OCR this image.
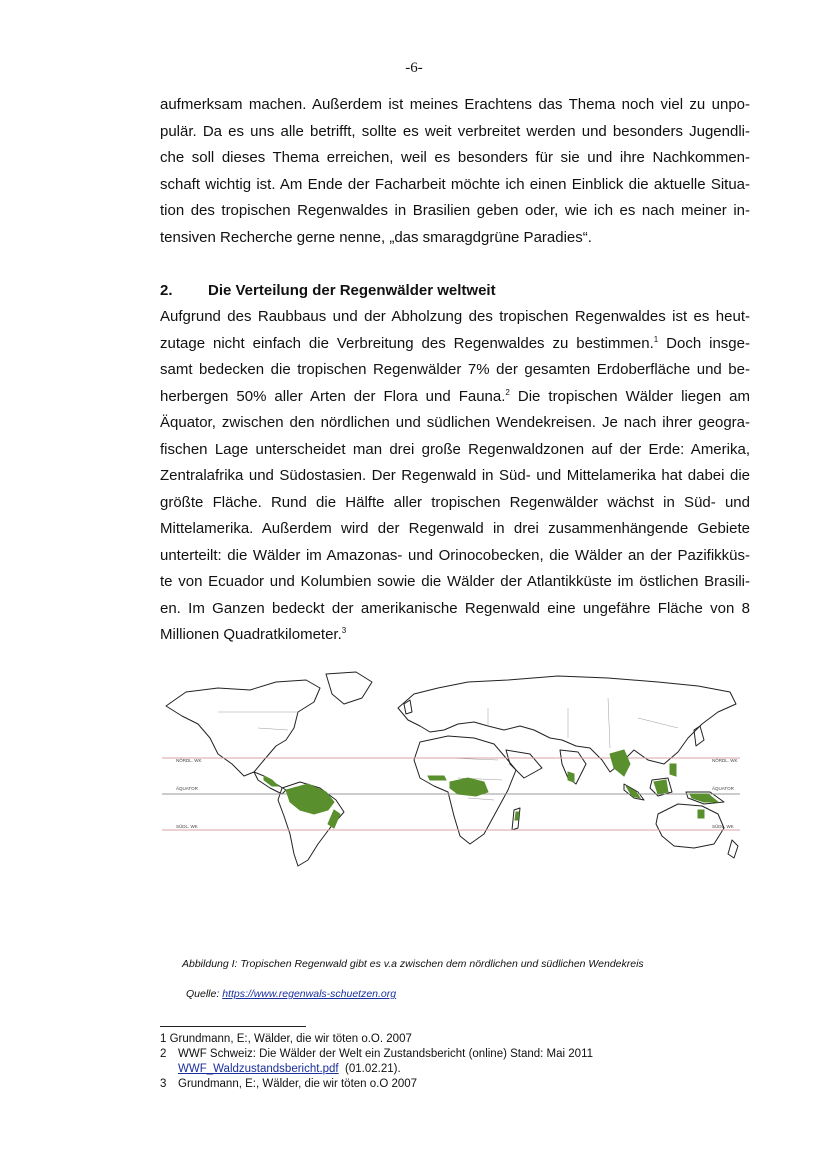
-6-
aufmerksam machen. Außerdem ist meines Erachtens das Thema noch viel zu unpo-
pulär. Da es uns alle betrifft, sollte es weit verbreitet werden und besonders Jugendli-
che soll dieses Thema erreichen, weil es besonders für sie und ihre Nachkommen-
schaft wichtig ist. Am Ende der Facharbeit möchte ich einen Einblick die aktuelle Situa-
tion des tropischen Regenwaldes in Brasilien geben oder, wie ich es nach meiner in-
tensiven Recherche gerne nenne, „das smaragdgrüne Paradies“.
2. Die Verteilung der Regenwälder weltweit
Aufgrund des Raubbaus und der Abholzung des tropischen Regenwaldes ist es heut-
zutage nicht einfach die Verbreitung des Regenwaldes zu bestimmen.$^1$ Doch insge-
samt bedecken die tropischen Regenwälder 7% der gesamten Erdoberfläche und be-
herbergen 50% aller Arten der Flora und Fauna.$^2$ Die tropischen Wälder liegen am
Äquator, zwischen den nördlichen und südlichen Wendekreisen. Je nach ihrer geogra-
fischen Lage unterscheidet man drei große Regenwaldzonen auf der Erde: Amerika,
Zentralafrika und Südostasien. Der Regenwald in Süd- und Mittelamerika hat dabei die
größte Fläche. Rund die Hälfte aller tropischen Regenwälder wächst in Süd- und
Mittelamerika. Außerdem wird der Regenwald in drei zusammenhängende Gebiete
unterteilt: die Wälder im Amazonas- und Orinocobecken, die Wälder an der Pazifikküs-
te von Ecuador und Kolumbien sowie die Wälder der Atlantikküste im östlichen Brasili-
en. Im Ganzen bedeckt der amerikanische Regenwald eine ungefähre Fläche von 8
Millionen Quadratkilometer.$^3$
NÖRDL. WK	NÖRDL. WK
ÄQUATOR	ÄQUATOR
SÜDL. WK	SÜDL. WK
Abbildung I: Tropischen Regenwald gibt es v.a zwischen dem nördlichen und südlichen Wendekreis
Quelle: https://www.regenwals-schuetzen.org
1 Grundmann, E:, Wälder, die wir töten o.O. 2007
2 WWF Schweiz: Die Wälder der Welt ein Zustandsbericht (online) Stand: Mai 2011
WWF_Waldzustandsbericht.pdf  (01.02.21).
3 Grundmann, E:, Wälder, die wir töten o.O 2007
